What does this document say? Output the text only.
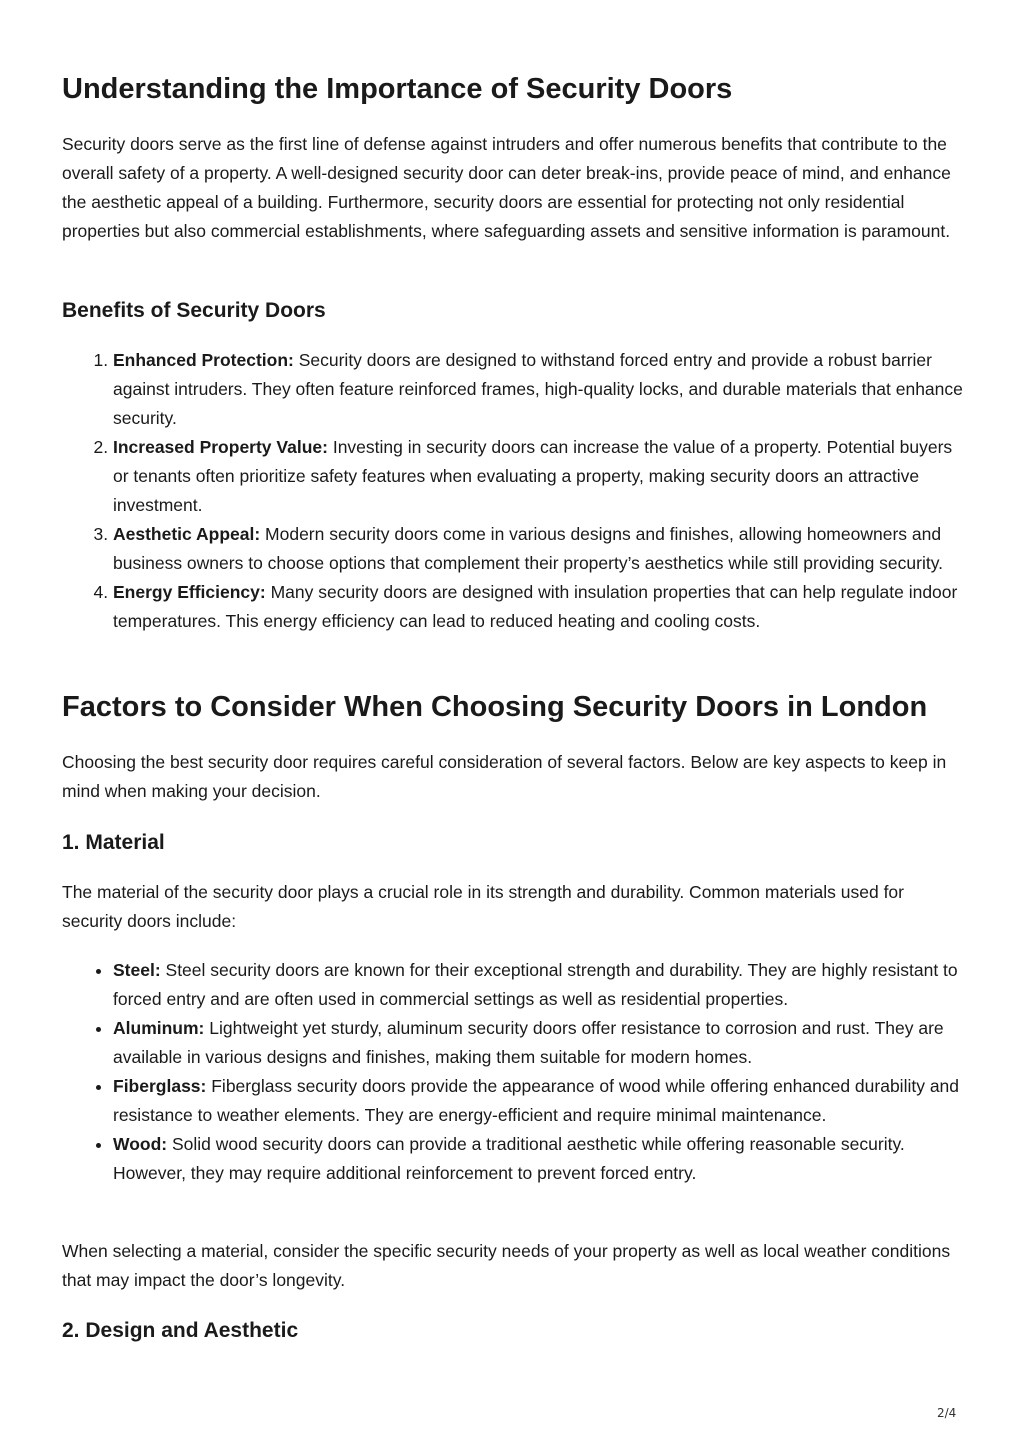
Understanding the Importance of Security Doors

Security doors serve as the first line of defense against intruders and offer numerous benefits that contribute to the overall safety of a property. A well-designed security door can deter break-ins, provide peace of mind, and enhance the aesthetic appeal of a building. Furthermore, security doors are essential for protecting not only residential properties but also commercial establishments, where safeguarding assets and sensitive information is paramount.

Benefits of Security Doors
1. Enhanced Protection: Security doors are designed to withstand forced entry and provide a robust barrier against intruders. They often feature reinforced frames, high-quality locks, and durable materials that enhance security.
2. Increased Property Value: Investing in security doors can increase the value of a property. Potential buyers or tenants often prioritize safety features when evaluating a property, making security doors an attractive investment.
3. Aesthetic Appeal: Modern security doors come in various designs and finishes, allowing homeowners and business owners to choose options that complement their property’s aesthetics while still providing security.
4. Energy Efficiency: Many security doors are designed with insulation properties that can help regulate indoor temperatures. This energy efficiency can lead to reduced heating and cooling costs.
Factors to Consider When Choosing Security Doors in London

Choosing the best security door requires careful consideration of several factors. Below are key aspects to keep in mind when making your decision.

1. Material

The material of the security door plays a crucial role in its strength and durability. Common materials used for security doors include:

• Steel: Steel security doors are known for their exceptional strength and durability. They are highly resistant to forced entry and are often used in commercial settings as well as residential properties.
• Aluminum: Lightweight yet sturdy, aluminum security doors offer resistance to corrosion and rust. They are available in various designs and finishes, making them suitable for modern homes.
• Fiberglass: Fiberglass security doors provide the appearance of wood while offering enhanced durability and resistance to weather elements. They are energy-efficient and require minimal maintenance.
• Wood: Solid wood security doors can provide a traditional aesthetic while offering reasonable security. However, they may require additional reinforcement to prevent forced entry.

When selecting a material, consider the specific security needs of your property as well as local weather conditions that may impact the door’s longevity.

2. Design and Aesthetic
2/4
